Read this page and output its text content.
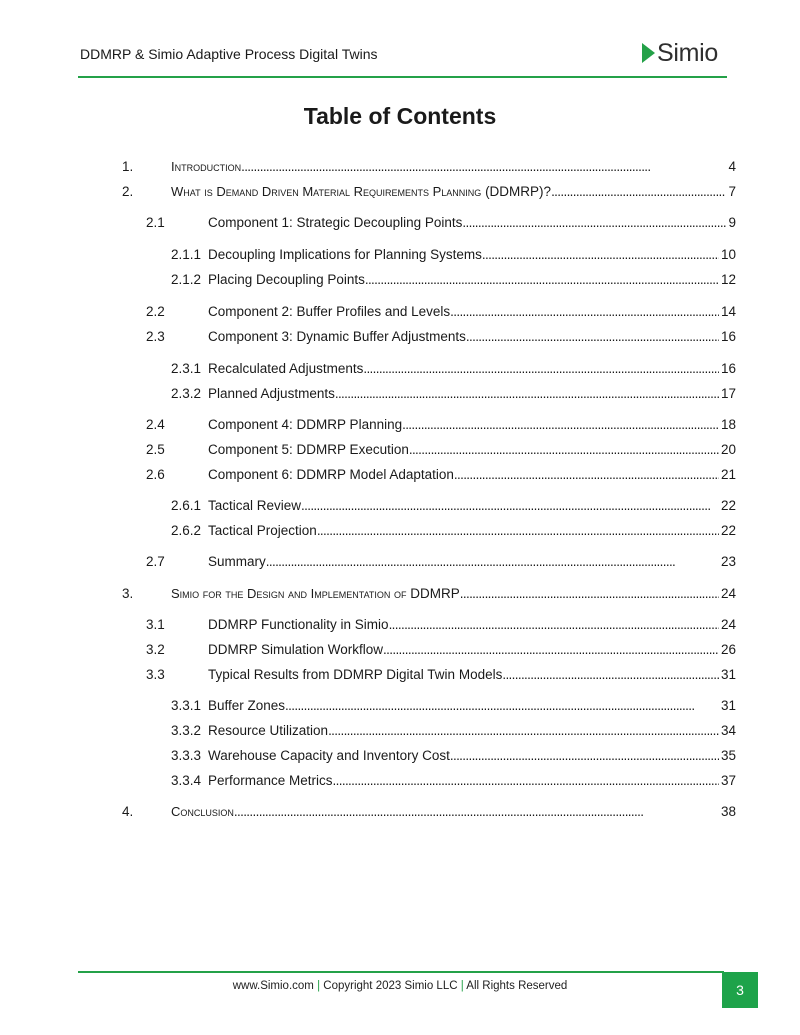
DDMRP & Simio Adaptive Process Digital Twins	Simio
Table of Contents
1.	Introduction . . .	4
2.	What is Demand Driven Material Requirements Planning (DDMRP)? . . .	7
2.1	Component 1: Strategic Decoupling Points . . .	9
2.1.1 Decoupling Implications for Planning Systems . . .	10
2.1.2 Placing Decoupling Points . . .	12
2.2	Component 2: Buffer Profiles and Levels . . .	14
2.3	Component 3: Dynamic Buffer Adjustments . . .	16
2.3.1 Recalculated Adjustments . . .	16
2.3.2 Planned Adjustments . . .	17
2.4	Component 4: DDMRP Planning . . .	18
2.5	Component 5: DDMRP Execution . . .	20
2.6	Component 6: DDMRP Model Adaptation . . .	21
2.6.1 Tactical Review . . .	22
2.6.2 Tactical Projection . . .	22
2.7	Summary . . .	23
3.	Simio for the Design and Implementation of DDMRP . . .	24
3.1	DDMRP Functionality in Simio . . .	24
3.2	DDMRP Simulation Workflow . . .	26
3.3	Typical Results from DDMRP Digital Twin Models . . .	31
3.3.1 Buffer Zones . . .	31
3.3.2 Resource Utilization . . .	34
3.3.3 Warehouse Capacity and Inventory Cost . . .	35
3.3.4 Performance Metrics . . .	37
4.	Conclusion . . .	38
www.Simio.com | Copyright 2023 Simio LLC | All Rights Reserved	3
